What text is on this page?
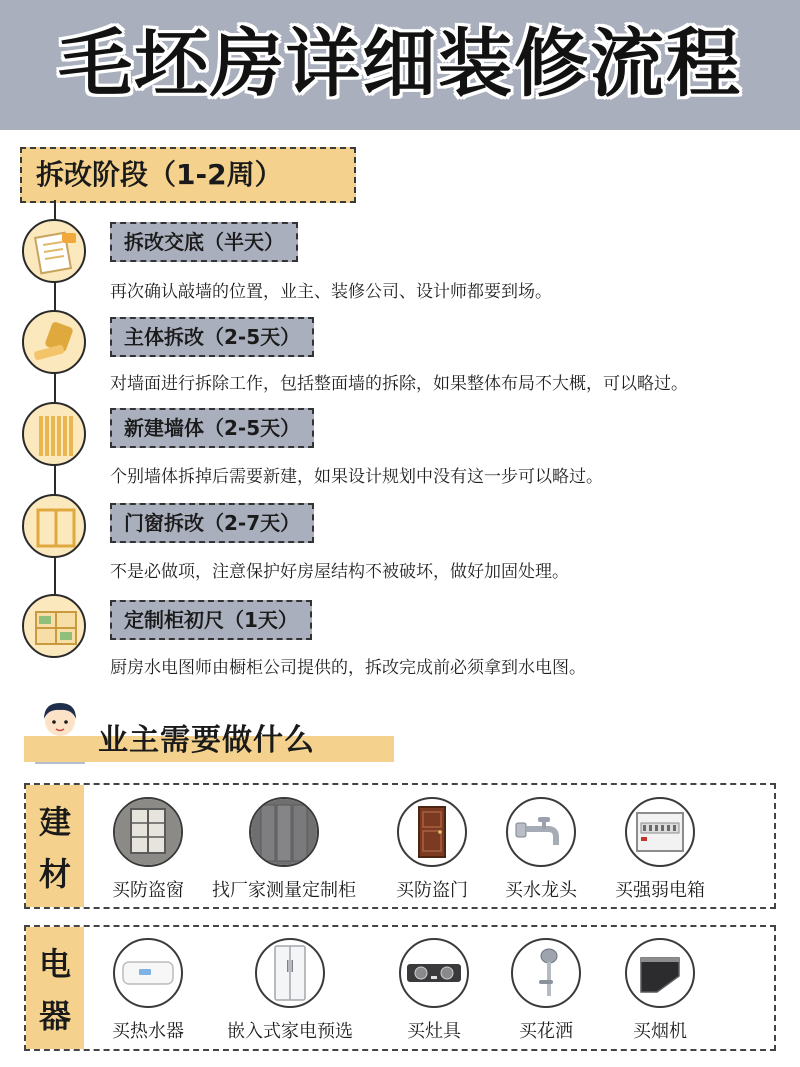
毛坯房详细装修流程
拆改阶段（1-2周）
拆改交底（半天）
再次确认敲墙的位置，业主、装修公司、设计师都要到场。
主体拆改（2-5天）
对墙面进行拆除工作，包括整面墙的拆除，如果整体布局不大概，可以略过。
新建墙体（2-5天）
个别墙体拆掉后需要新建，如果设计规划中没有这一步可以略过。
门窗拆改（2-7天）
不是必做项，注意保护好房屋结构不被破坏，做好加固处理。
定制柜初尺（1天）
厨房水电图师由橱柜公司提供的，拆改完成前必须拿到水电图。
业主需要做什么
建
材	买防盗窗	找厂家测量定制柜	买防盗门	买水龙头	买强弱电箱
电
器	买热水器	嵌入式家电预选	买灶具	买花洒	买烟机
